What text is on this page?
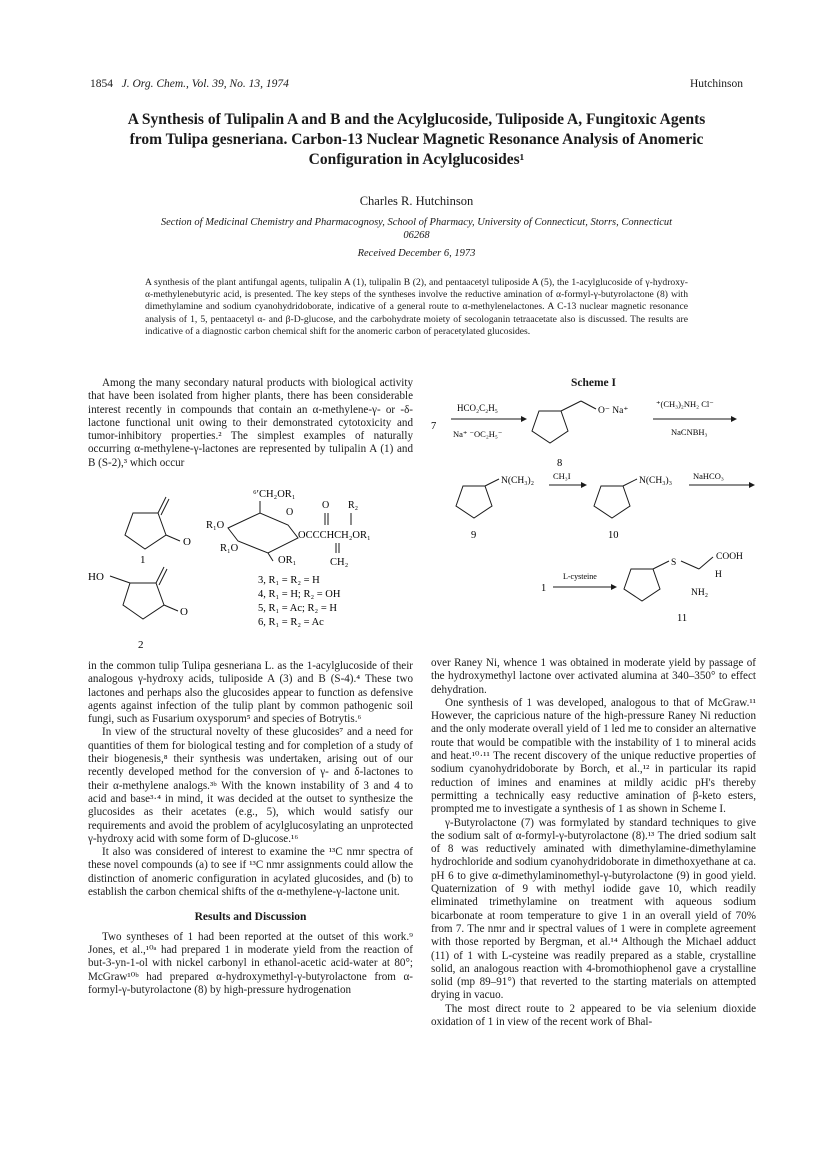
1854 J. Org. Chem., Vol. 39, No. 13, 1974	Hutchinson
A Synthesis of Tulipalin A and B and the Acylglucoside, Tuliposide A, Fungitoxic Agents from Tulipa gesneriana. Carbon-13 Nuclear Magnetic Resonance Analysis of Anomeric Configuration in Acylglucosides¹
Charles R. Hutchinson
Section of Medicinal Chemistry and Pharmacognosy, School of Pharmacy, University of Connecticut, Storrs, Connecticut 06268
Received December 6, 1973
A synthesis of the plant antifungal agents, tulipalin A (1), tulipalin B (2), and pentaacetyl tuliposide A (5), the 1-acylglucoside of γ-hydroxy-α-methylenebutyric acid, is presented. The key steps of the syntheses involve the reductive amination of α-formyl-γ-butyrolactone (8) with dimethylamine and sodium cyanohydridoborate, indicative of a general route to α-methylenelactones. A C-13 nuclear magnetic resonance analysis of 1, 5, pentaacetyl α- and β-D-glucose, and the carbohydrate moiety of secologanin tetraacetate also is discussed. The results are indicative of a diagnostic carbon chemical shift for the anomeric carbon of peracetylated glucosides.

Among the many secondary natural products with biological activity that have been isolated from higher plants, there has been considerable interest recently in compounds that contain an α-methylene-γ- or -δ-lactone functional unit owing to their demonstrated cytotoxicity and tumor-inhibitory properties.² The simplest examples of naturally occurring α-methylene-γ-lactones are represented by tulipalin A (1) and B (S-2),³ which occur

O
1
HO
O
2
⁶′CH₂OR₁
R₁O
R₁O
OR₁
O
O R₂
OCCCHCH₂OR₁
CH₂
3, R₁ = R₂ = H
4, R₁ = H; R₂ = OH
5, R₁ = Ac; R₂ = H
6, R₁ = R₂ = Ac

in the common tulip Tulipa gesneriana L. as the 1-acylglucoside of their analogous γ-hydroxy acids, tuliposide A (3) and B (S-4).⁴ These two lactones and perhaps also the glucosides appear to function as defensive agents against infection of the tulip plant by common pathogenic soil fungi, such as Fusarium oxysporum⁵ and species of Botrytis.⁶

In view of the structural novelty of these glucosides⁷ and a need for quantities of them for biological testing and for completion of a study of their biogenesis,⁸ their synthesis was undertaken, arising out of our recently developed method for the conversion of γ- and δ-lactones to their α-methylene analogs.³ᵇ With the known instability of 3 and 4 to acid and base³·⁴ in mind, it was decided at the outset to synthesize the glucosides as their acetates (e.g., 5), which would satisfy our requirements and avoid the problem of acylglucosylating an unprotected γ-hydroxy acid with some form of D-glucose.¹⁶

It also was considered of interest to examine the ¹³C nmr spectra of these novel compounds (a) to see if ¹³C nmr assignments could allow the distinction of anomeric configuration in acylated glucosides, and (b) to establish the carbon chemical shifts of the α-methylene-γ-lactone unit.

Results and Discussion

Two syntheses of 1 had been reported at the outset of this work.⁹ Jones, et al.,¹⁰ᵃ had prepared 1 in moderate yield from the reaction of but-3-yn-1-ol with nickel carbonyl in ethanol-acetic acid-water at 80°; McGraw¹⁰ᵇ had prepared α-hydroxymethyl-γ-butyrolactone from α-formyl-γ-butyrolactone (8) by high-pressure hydrogenation

Scheme I
7
HCO₂C₂H₅
Na⁺ ⁻OC₂H₅⁻
O⁻ Na⁺
8
⁺(CH₃)₂NH₂ Cl⁻
NaCNBH₃
N(CH₃)₂
9
CH₃I	N(CH₃)₃ NaHCO₃
10
1
L-cysteine
S
COOH
H
NH₂
11

over Raney Ni, whence 1 was obtained in moderate yield by passage of the hydroxymethyl lactone over activated alumina at 340–350° to effect dehydration.

One synthesis of 1 was developed, analogous to that of McGraw.¹¹ However, the capricious nature of the high-pressure Raney Ni reduction and the only moderate overall yield of 1 led me to consider an alternative route that would be compatible with the instability of 1 to mineral acids and heat.¹⁰·¹¹ The recent discovery of the unique reductive properties of sodium cyanohydridoborate by Borch, et al.,¹² in particular its rapid reduction of imines and enamines at mildly acidic pH's thereby permitting a technically easy reductive amination of β-keto esters, prompted me to investigate a synthesis of 1 as shown in Scheme I.

γ-Butyrolactone (7) was formylated by standard techniques to give the sodium salt of α-formyl-γ-butyrolactone (8).¹³ The dried sodium salt of 8 was reductively aminated with dimethylamine-dimethylamine hydrochloride and sodium cyanohydridoborate in dimethoxyethane at ca. pH 6 to give α-dimethylaminomethyl-γ-butyrolactone (9) in good yield. Quaternization of 9 with methyl iodide gave 10, which readily eliminated trimethylamine on treatment with aqueous sodium bicarbonate at room temperature to give 1 in an overall yield of 70% from 7. The nmr and ir spectral values of 1 were in complete agreement with those reported by Bergman, et al.¹⁴ Although the Michael adduct (11) of 1 with L-cysteine was readily prepared as a stable, crystalline solid, an analogous reaction with 4-bromothiophenol gave a crystalline solid (mp 89–91°) that reverted to the starting materials on attempted drying in vacuo.

The most direct route to 2 appeared to be via selenium dioxide oxidation of 1 in view of the recent work of Bhal-
